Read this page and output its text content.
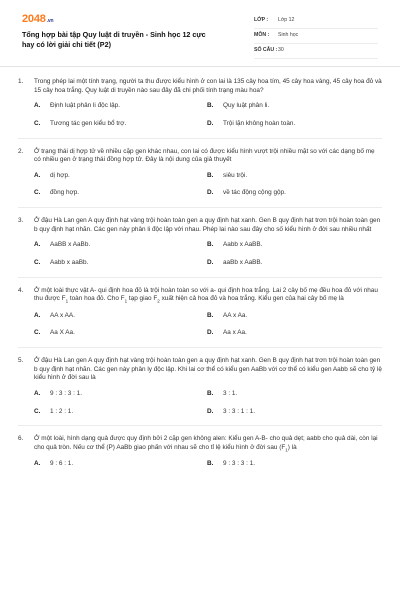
2048.vn
Tổng hợp bài tập Quy luật di truyền - Sinh học 12 cực hay có lời giải chi tiết (P2)
LỚP :	Lớp 12
MÔN :	Sinh học
SỐ CÂU : 30
1.	Trong phép lai một tính trạng, người ta thu được kiểu hình ở con lai là 135 cây hoa tím, 45 cây hoa vàng, 45 cây hoa đỏ và 15 cây hoa trắng. Quy luật di truyền nào sau đây đã chi phối tính trạng màu hoa?
A.	Định luật phân li độc lập.	B.	Quy luật phân li.
C.	Tương tác gen kiểu bổ trợ.	D.	Trội lặn không hoàn toàn.
2.	Ở trạng thái dị hợp tử về nhiều cặp gen khác nhau, con lai có được kiểu hình vượt trội nhiều mặt so với các dạng bố mẹ có nhiều gen ở trạng thái đồng hợp tử. Đây là nội dung của giả thuyết
A.	dị hợp.	B.	siêu trội.
C.	đồng hợp.	D.	về tác động cộng gộp.
3.	Ở đậu Hà Lan gen A quy định hạt vàng trội hoàn toàn gen a quy định hạt xanh. Gen B quy định hạt trơn trội hoàn toàn gen b quy định hạt nhăn. Các gen này phân li độc lập với nhau. Phép lai nào sau đây cho số kiểu hình ở đời sau nhiều nhất
A.	AaBB x AaBb.	B.	Aabb x AaBB.
C.	Aabb x aaBb.	D.	aaBb x AaBB.
4.	Ở một loài thực vật A- qui định hoa đỏ là trội hoàn toàn so với a- qui định hoa trắng. Lai 2 cây bố mẹ đều hoa đỏ với nhau thu được $F_1$ toàn hoa đỏ. Cho $F_1$ tạp giao $F_2$ xuất hiện cả hoa đỏ và hoa trắng. Kiểu gen của hai cây bố mẹ là
A.	AA x AA.	B.	AA x Aa.
C.	Aa X Aa.	D.	Aa x Aa.
5.	Ở đậu Hà Lan gen A quy định hạt vàng trội hoàn toàn gen a quy định hạt xanh. Gen B quy định hạt trơn trội hoàn toàn gen b quy định hạt nhăn. Các gen này phân ly độc lập. Khi lai cơ thể có kiểu gen AaBb với cơ thể có kiểu gen Aabb sẽ cho tỷ lệ kiểu hình ở đời sau là
A.	9 : 3 : 3 : 1.	B.	3 : 1.
C.	1 : 2 : 1.	D.	3 : 3 : 1 : 1.
6.	Ở một loài, hình dạng quả được quy định bởi 2 cặp gen không alen: Kiểu gen A-B- cho quả dẹt; aabb cho quả dài, còn lại cho quả tròn. Nếu cơ thể (P) AaBb giao phấn với nhau sẽ cho tỉ lệ kiểu hình ở đời sau $(F_1)$ là
A.	9 : 6 : 1.	B.	9 : 3 : 3 : 1.
